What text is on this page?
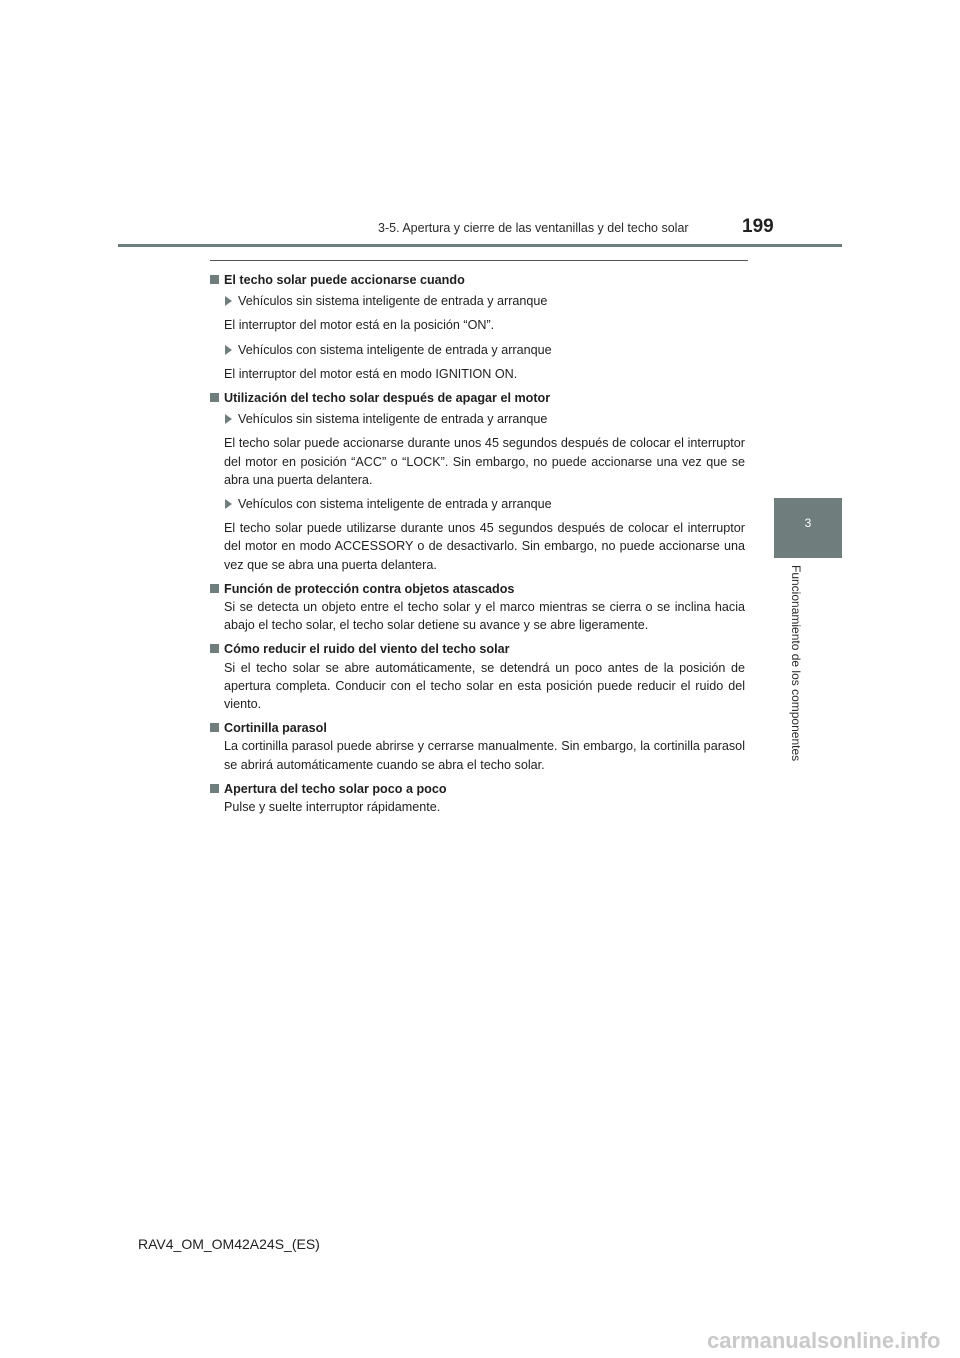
3-5. Apertura y cierre de las ventanillas y del techo solar	199
3
Funcionamiento de los componentes
El techo solar puede accionarse cuando
Vehículos sin sistema inteligente de entrada y arranque
El interruptor del motor está en la posición “ON”.
Vehículos con sistema inteligente de entrada y arranque
El interruptor del motor está en modo IGNITION ON.
Utilización del techo solar después de apagar el motor
Vehículos sin sistema inteligente de entrada y arranque
El techo solar puede accionarse durante unos 45 segundos después de colocar el interruptor del motor en posición “ACC” o “LOCK”. Sin embargo, no puede accionarse una vez que se abra una puerta delantera.
Vehículos con sistema inteligente de entrada y arranque
El techo solar puede utilizarse durante unos 45 segundos después de colocar el interruptor del motor en modo ACCESSORY o de desactivarlo. Sin embargo, no puede accionarse una vez que se abra una puerta delantera.
Función de protección contra objetos atascados
Si se detecta un objeto entre el techo solar y el marco mientras se cierra o se inclina hacia abajo el techo solar, el techo solar detiene su avance y se abre ligeramente.
Cómo reducir el ruido del viento del techo solar
Si el techo solar se abre automáticamente, se detendrá un poco antes de la posición de apertura completa. Conducir con el techo solar en esta posición puede reducir el ruido del viento.
Cortinilla parasol
La cortinilla parasol puede abrirse y cerrarse manualmente. Sin embargo, la cortinilla parasol se abrirá automáticamente cuando se abra el techo solar.
Apertura del techo solar poco a poco
Pulse y suelte interruptor rápidamente.
RAV4_OM_OM42A24S_(ES)
carmanualsonline.info
